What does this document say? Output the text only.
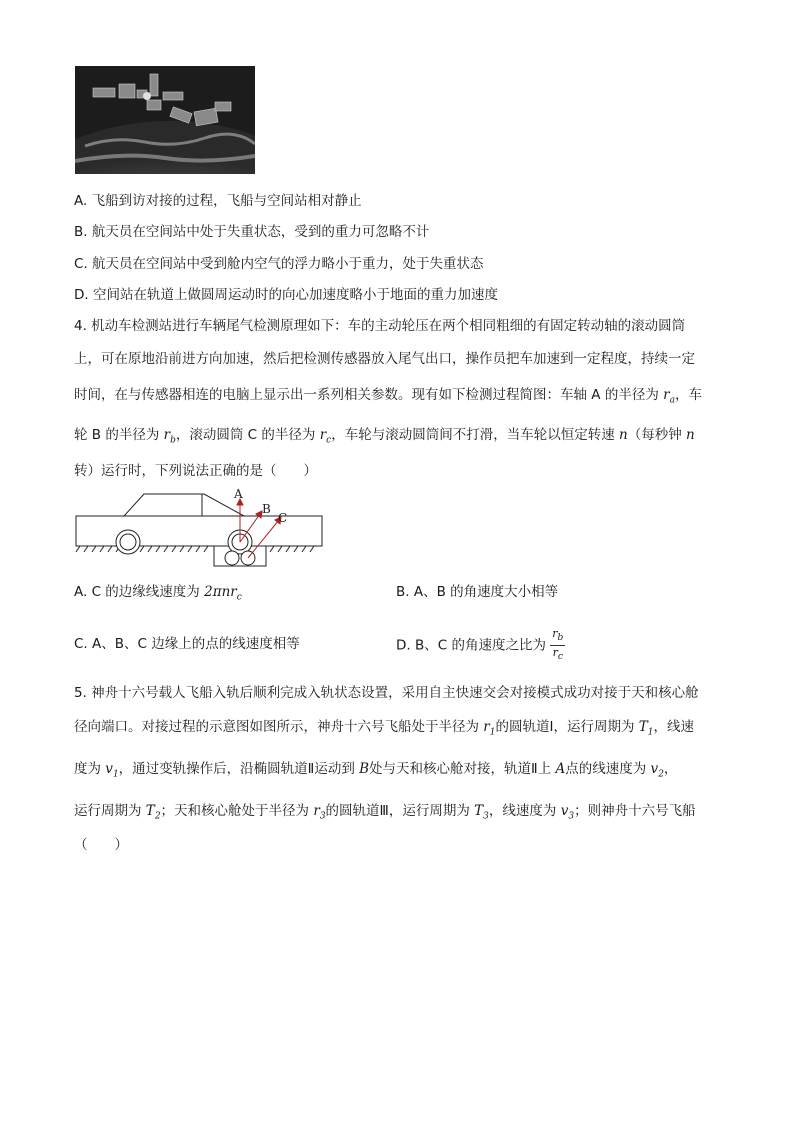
A. 飞船到访对接的过程，飞船与空间站相对静止
B. 航天员在空间站中处于失重状态，受到的重力可忽略不计
C. 航天员在空间站中受到舱内空气的浮力略小于重力，处于失重状态
D. 空间站在轨道上做圆周运动时的向心加速度略小于地面的重力加速度
4. 机动车检测站进行车辆尾气检测原理如下：车的主动轮压在两个相同粗细的有固定转动轴的滚动圆筒
上，可在原地沿前进方向加速，然后把检测传感器放入尾气出口，操作员把车加速到一定程度，持续一定
时间，在与传感器相连的电脑上显示出一系列相关参数。现有如下检测过程简图：车轴 A 的半径为 $r_a$，车
轮 B 的半径为 $r_b$，滚动圆筒 C 的半径为 $r_c$，车轮与滚动圆筒间不打滑，当车轮以恒定转速 n（每秒钟 n
转）运行时，下列说法正确的是（　　）
A
B
C
A. C 的边缘线速度为 2πnr$_c$	B. A、B 的角速度大小相等
C. A、B、C 边缘上的点的线速度相等	D. B、C 的角速度之比为 $\frac{r_b}{r_c}$
5. 神舟十六号载人飞船入轨后顺利完成入轨状态设置，采用自主快速交会对接模式成功对接于天和核心舱
径向端口。对接过程的示意图如图所示，神舟十六号飞船处于半径为 $r_1$的圆轨道Ⅰ，运行周期为 $T_1$，线速
度为 $v_1$，通过变轨操作后，沿椭圆轨道Ⅱ运动到 B处与天和核心舱对接，轨道Ⅱ上 A点的线速度为 $v_2$，
运行周期为 $T_2$；天和核心舱处于半径为 $r_3$的圆轨道Ⅲ，运行周期为 $T_3$，线速度为 $v_3$；则神舟十六号飞船
（　　）
